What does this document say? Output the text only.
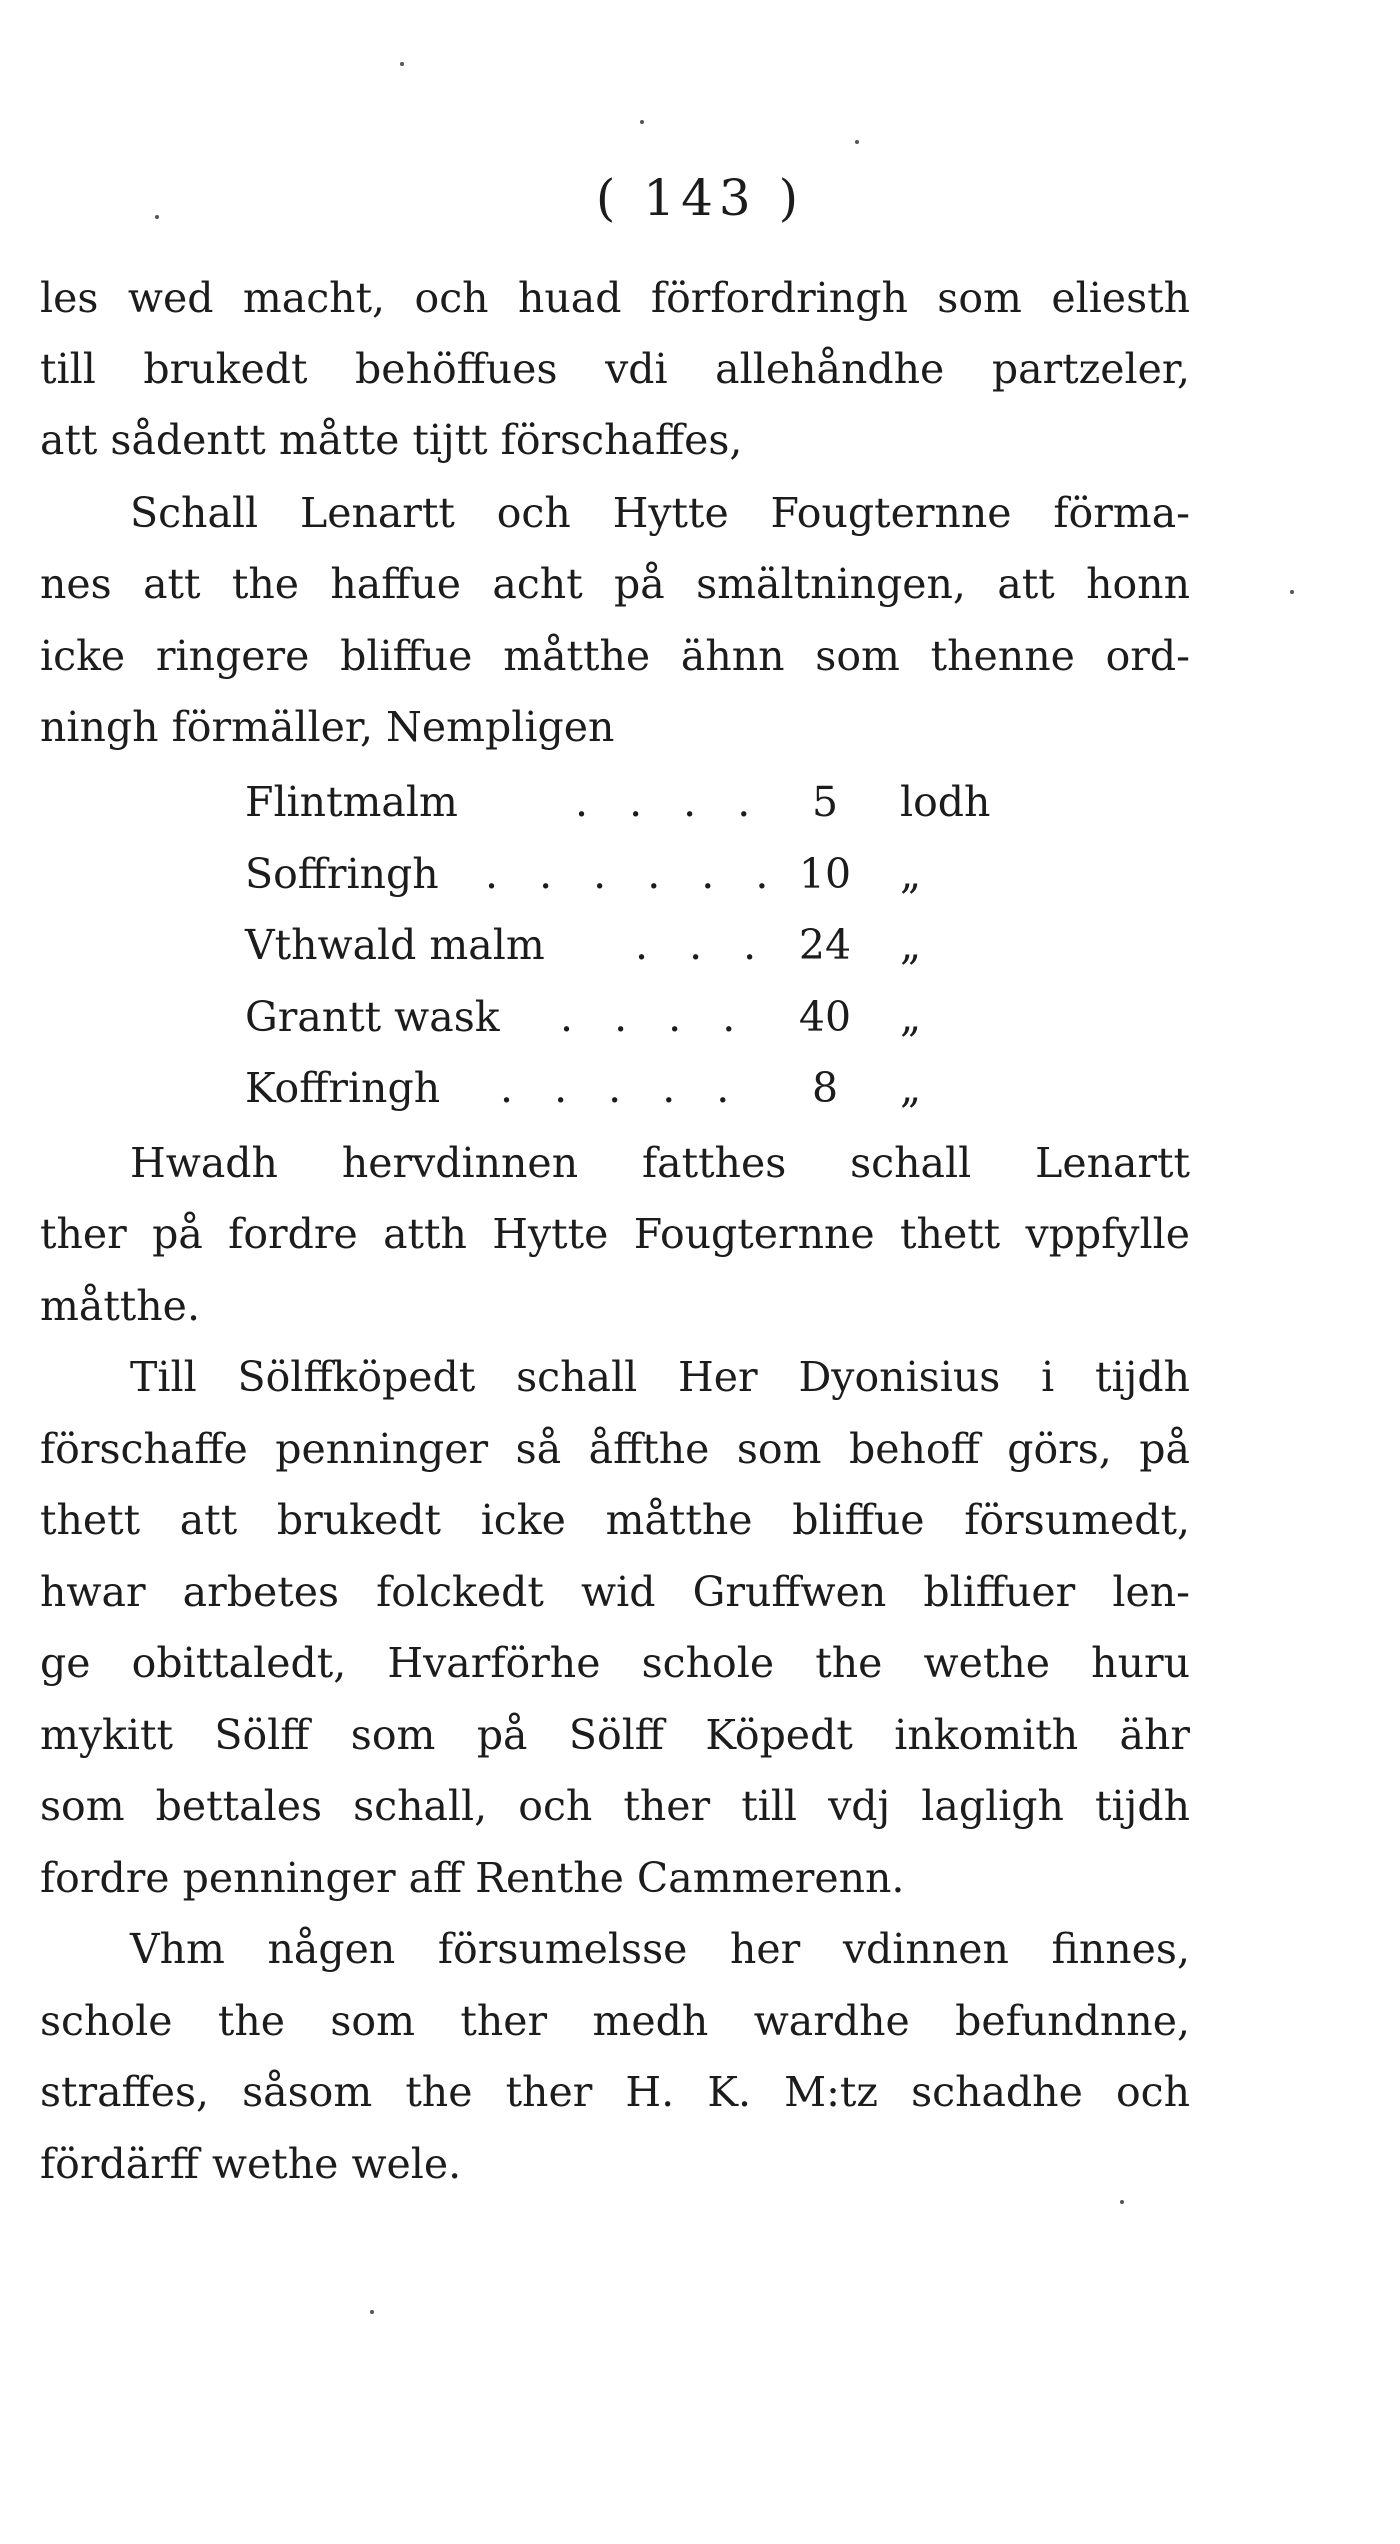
( 143 )
les wed macht, och huad förfordringh som eliesth
till brukedt behöffues vdi allehåndhe partzeler,
att sådentt måtte tijtt förschaffes,
Schall Lenartt och Hytte Fougternne förma-
nes att the haffue acht på smältningen, att honn
icke ringere bliffue måtthe ähnn som thenne ord-
ningh förmäller, Nempligen
Flintmalm	. . . .	5	lodh
Soffringh . . . . . . 10	„
Vthwald malm . . . 24	„
Grantt wask . . . .	40	„
Koffringh . . . . .	8	„
Hwadh hervdinnen fatthes schall Lenartt
ther på fordre atth Hytte Fougternne thett vppfylle
måtthe.
Till Sölffköpedt schall Her Dyonisius i tijdh
förschaffe penninger så åffthe som behoff görs, på
thett att brukedt icke måtthe bliffue försumedt,
hwar arbetes folckedt wid Gruffwen bliffuer len-
ge obittaledt, Hvarförhe schole the wethe huru
mykitt Sölff som på Sölff Köpedt inkomith ähr
som bettales schall, och ther till vdj lagligh tijdh
fordre penninger aff Renthe Cammerenn.
Vhm någen försumelsse her vdinnen finnes,
schole the som ther medh wardhe befundnne,
straffes, såsom the ther H. K. M:tz schadhe och
fördärff wethe wele.
